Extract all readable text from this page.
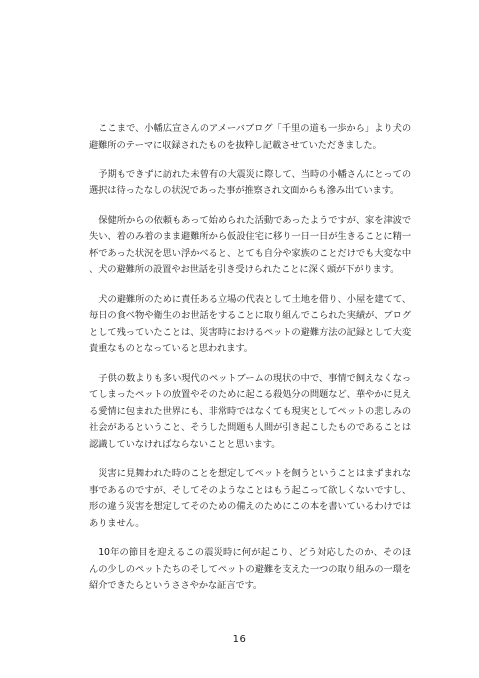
ここまで、小幡広宣さんのアメーバブログ「千里の道も一歩から」より犬の避難所のテーマに収録されたものを抜粋し記載させていただきました。

予期もできずに訪れた未曾有の大震災に際して、当時の小幡さんにとっての選択は待ったなしの状況であった事が推察され文面からも滲み出ています。

保健所からの依頼もあって始められた活動であったようですが、家を津波で失い、着のみ着のまま避難所から仮設住宅に移り一日一日が生きることに精一杯であった状況を思い浮かべると、とても自分や家族のことだけでも大変な中、犬の避難所の設置やお世話を引き受けられたことに深く頭が下がります。

犬の避難所のために責任ある立場の代表として土地を借り、小屋を建てて、毎日の食べ物や衛生のお世話をすることに取り組んでこられた実績が、ブログとして残っていたことは、災害時におけるペットの避難方法の記録として大変貴重なものとなっていると思われます。

子供の数よりも多い現代のペットブームの現状の中で、事情で飼えなくなってしまったペットの放置やそのために起こる殺処分の問題など、華やかに見える愛情に包まれた世界にも、非常時ではなくても現実としてペットの悲しみの社会があるということ、そうした問題も人間が引き起こしたものであることは認識していなければならないことと思います。

災害に見舞われた時のことを想定してペットを飼うということはまずまれな事であるのですが、そしてそのようなことはもう起こって欲しくないですし、形の違う災害を想定してそのための備えのためにこの本を書いているわけではありません。

10年の節目を迎えるこの震災時に何が起こり、どう対応したのか、そのほんの少しのペットたちのそしてペットの避難を支えた一つの取り組みの一環を紹介できたらというささやかな証言です。

16
